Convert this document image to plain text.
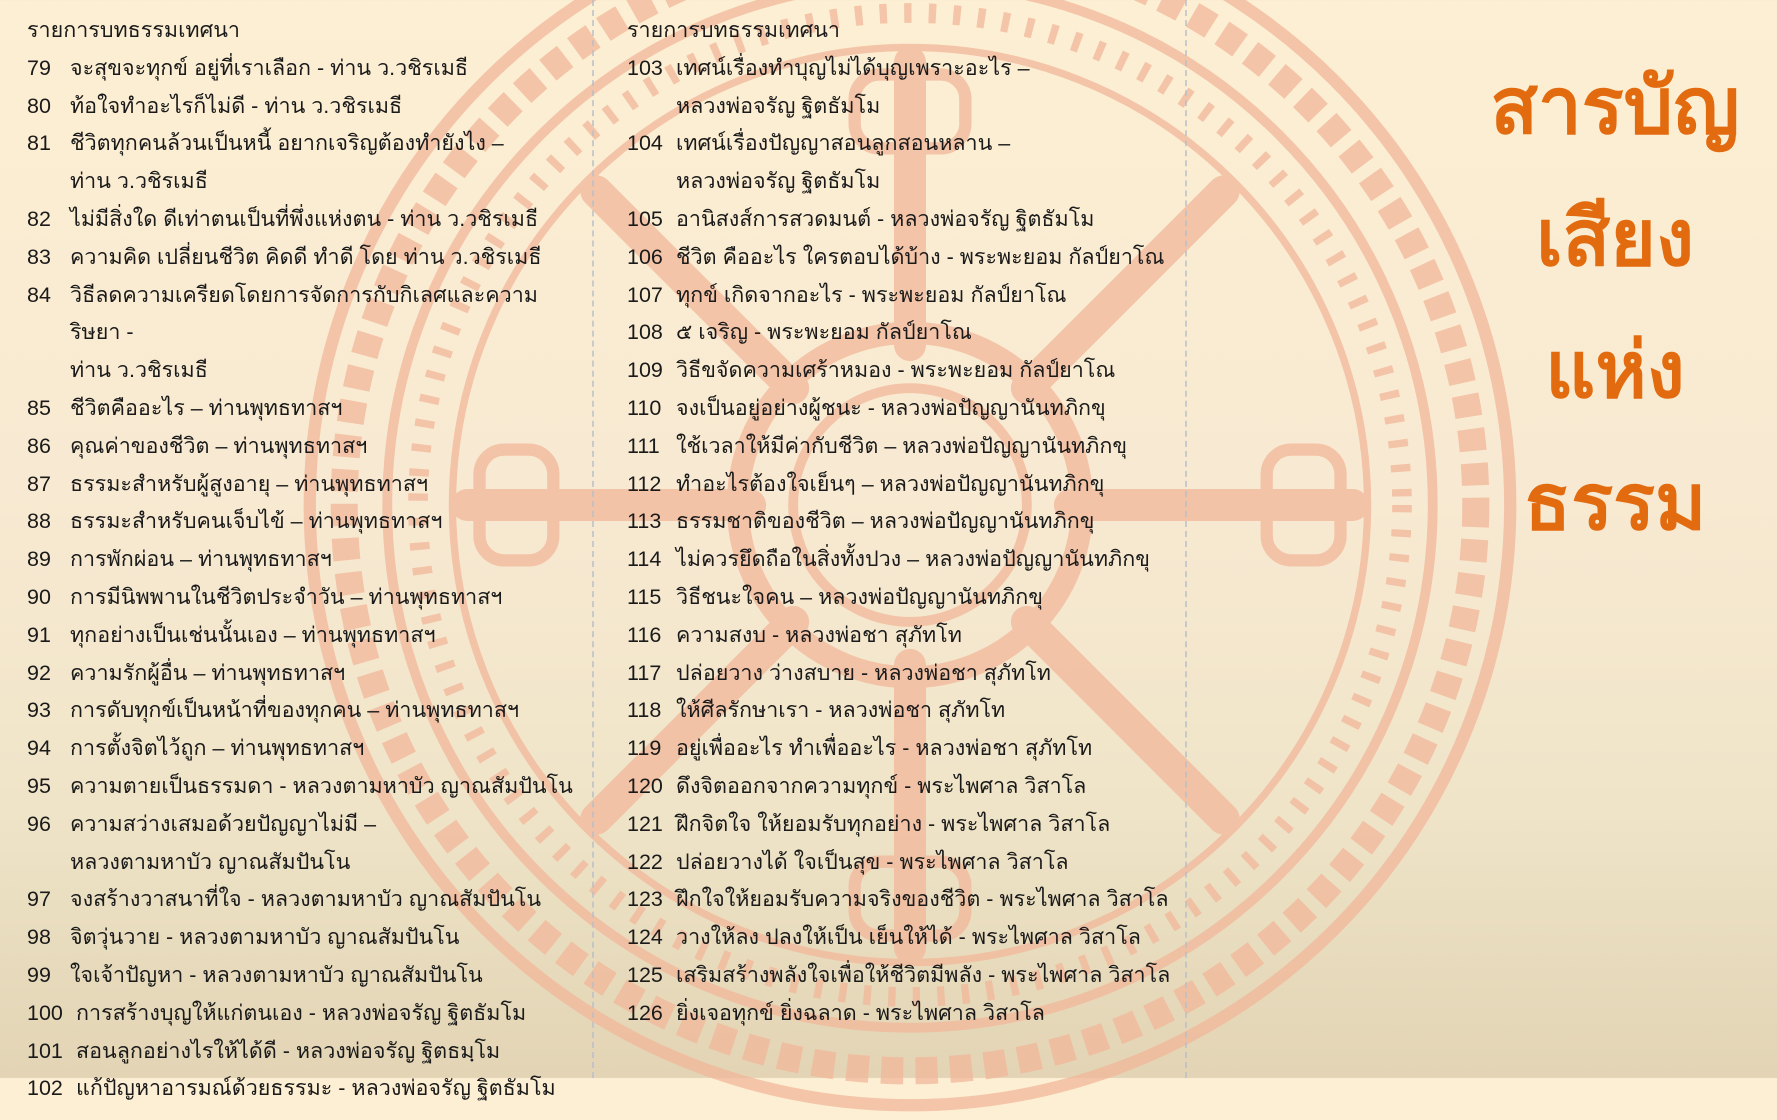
รายการบทธรรมเทศนา
79 จะสุขจะทุกข์ อยู่ที่เราเลือก - ท่าน ว.วชิรเมธี
80 ท้อใจทำอะไรก็ไม่ดี - ท่าน ว.วชิรเมธี
81 ชีวิตทุกคนล้วนเป็นหนี้ อยากเจริญต้องทำยังไง –
ท่าน ว.วชิรเมธี
82 ไม่มีสิ่งใด ดีเท่าตนเป็นที่พึ่งแห่งตน - ท่าน ว.วชิรเมธี
83 ความคิด เปลี่ยนชีวิต คิดดี ทำดี โดย ท่าน ว.วชิรเมธี
84 วิธีลดความเครียดโดยการจัดการกับกิเลศและความริษยา -
ท่าน ว.วชิรเมธี
85 ชีวิตคืออะไร – ท่านพุทธทาสฯ
86 คุณค่าของชีวิต – ท่านพุทธทาสฯ
87 ธรรมะสำหรับผู้สูงอายุ – ท่านพุทธทาสฯ
88 ธรรมะสำหรับคนเจ็บไข้ – ท่านพุทธทาสฯ
89 การพักผ่อน – ท่านพุทธทาสฯ
90 การมีนิพพานในชีวิตประจำวัน – ท่านพุทธทาสฯ
91 ทุกอย่างเป็นเช่นนั้นเอง – ท่านพุทธทาสฯ
92 ความรักผู้อื่น – ท่านพุทธทาสฯ
93 การดับทุกข์เป็นหน้าที่ของทุกคน – ท่านพุทธทาสฯ
94 การตั้งจิตไว้ถูก – ท่านพุทธทาสฯ
95 ความตายเป็นธรรมดา - หลวงตามหาบัว ญาณสัมปันโน
96 ความสว่างเสมอด้วยปัญญาไม่มี –
หลวงตามหาบัว ญาณสัมปันโน
97 จงสร้างวาสนาที่ใจ - หลวงตามหาบัว ญาณสัมปันโน
98 จิตวุ่นวาย - หลวงตามหาบัว ญาณสัมปันโน
99 ใจเจ้าปัญหา - หลวงตามหาบัว ญาณสัมปันโน
100 การสร้างบุญให้แก่ตนเอง - หลวงพ่อจรัญ ฐิตธัมโม
101 สอนลูกอย่างไรให้ได้ดี - หลวงพ่อจรัญ ฐิตธมฺโม
102 แก้ปัญหาอารมณ์ด้วยธรรมะ - หลวงพ่อจรัญ ฐิตธัมโม
รายการบทธรรมเทศนา
103 เทศน์เรื่องทำบุญไม่ได้บุญเพราะอะไร –
หลวงพ่อจรัญ ฐิตธัมโม
104 เทศน์เรื่องปัญญาสอนลูกสอนหลาน –
หลวงพ่อจรัญ ฐิตธัมโม
105 อานิสงส์การสวดมนต์ - หลวงพ่อจรัญ ฐิตธัมโม
106 ชีวิต คืออะไร ใครตอบได้บ้าง - พระพะยอม กัลป์ยาโณ
107 ทุกข์ เกิดจากอะไร - พระพะยอม กัลป์ยาโณ
108 ๕ เจริญ - พระพะยอม กัลป์ยาโณ
109 วิธีขจัดความเศร้าหมอง - พระพะยอม กัลป์ยาโณ
110 จงเป็นอยู่อย่างผู้ชนะ - หลวงพ่อปัญญานันทภิกขุ
111 ใช้เวลาให้มีค่ากับชีวิต – หลวงพ่อปัญญานันทภิกขุ
112 ทำอะไรต้องใจเย็นๆ – หลวงพ่อปัญญานันทภิกขุ
113 ธรรมชาติของชีวิต – หลวงพ่อปัญญานันทภิกขุ
114 ไม่ควรยึดถือในสิ่งทั้งปวง – หลวงพ่อปัญญานันทภิกขุ
115 วิธีชนะใจคน – หลวงพ่อปัญญานันทภิกขุ
116 ความสงบ - หลวงพ่อชา สุภัทโท
117 ปล่อยวาง ว่างสบาย - หลวงพ่อชา สุภัทโท
118 ให้ศีลรักษาเรา - หลวงพ่อชา สุภัทโท
119 อยู่เพื่ออะไร ทำเพื่ออะไร - หลวงพ่อชา สุภัทโท
120 ดึงจิตออกจากความทุกข์ - พระไพศาล วิสาโล
121 ฝึกจิตใจ ให้ยอมรับทุกอย่าง - พระไพศาล วิสาโล
122 ปล่อยวางได้ ใจเป็นสุข - พระไพศาล วิสาโล
123 ฝึกใจให้ยอมรับความจริงของชีวิต - พระไพศาล วิสาโล
124 วางให้ลง ปลงให้เป็น เย็นให้ได้ - พระไพศาล วิสาโล
125 เสริมสร้างพลังใจเพื่อให้ชีวิตมีพลัง - พระไพศาล วิสาโล
126 ยิ่งเจอทุกข์ ยิ่งฉลาด - พระไพศาล วิสาโล
สารบัญ
เสียง
แห่ง
ธรรม
